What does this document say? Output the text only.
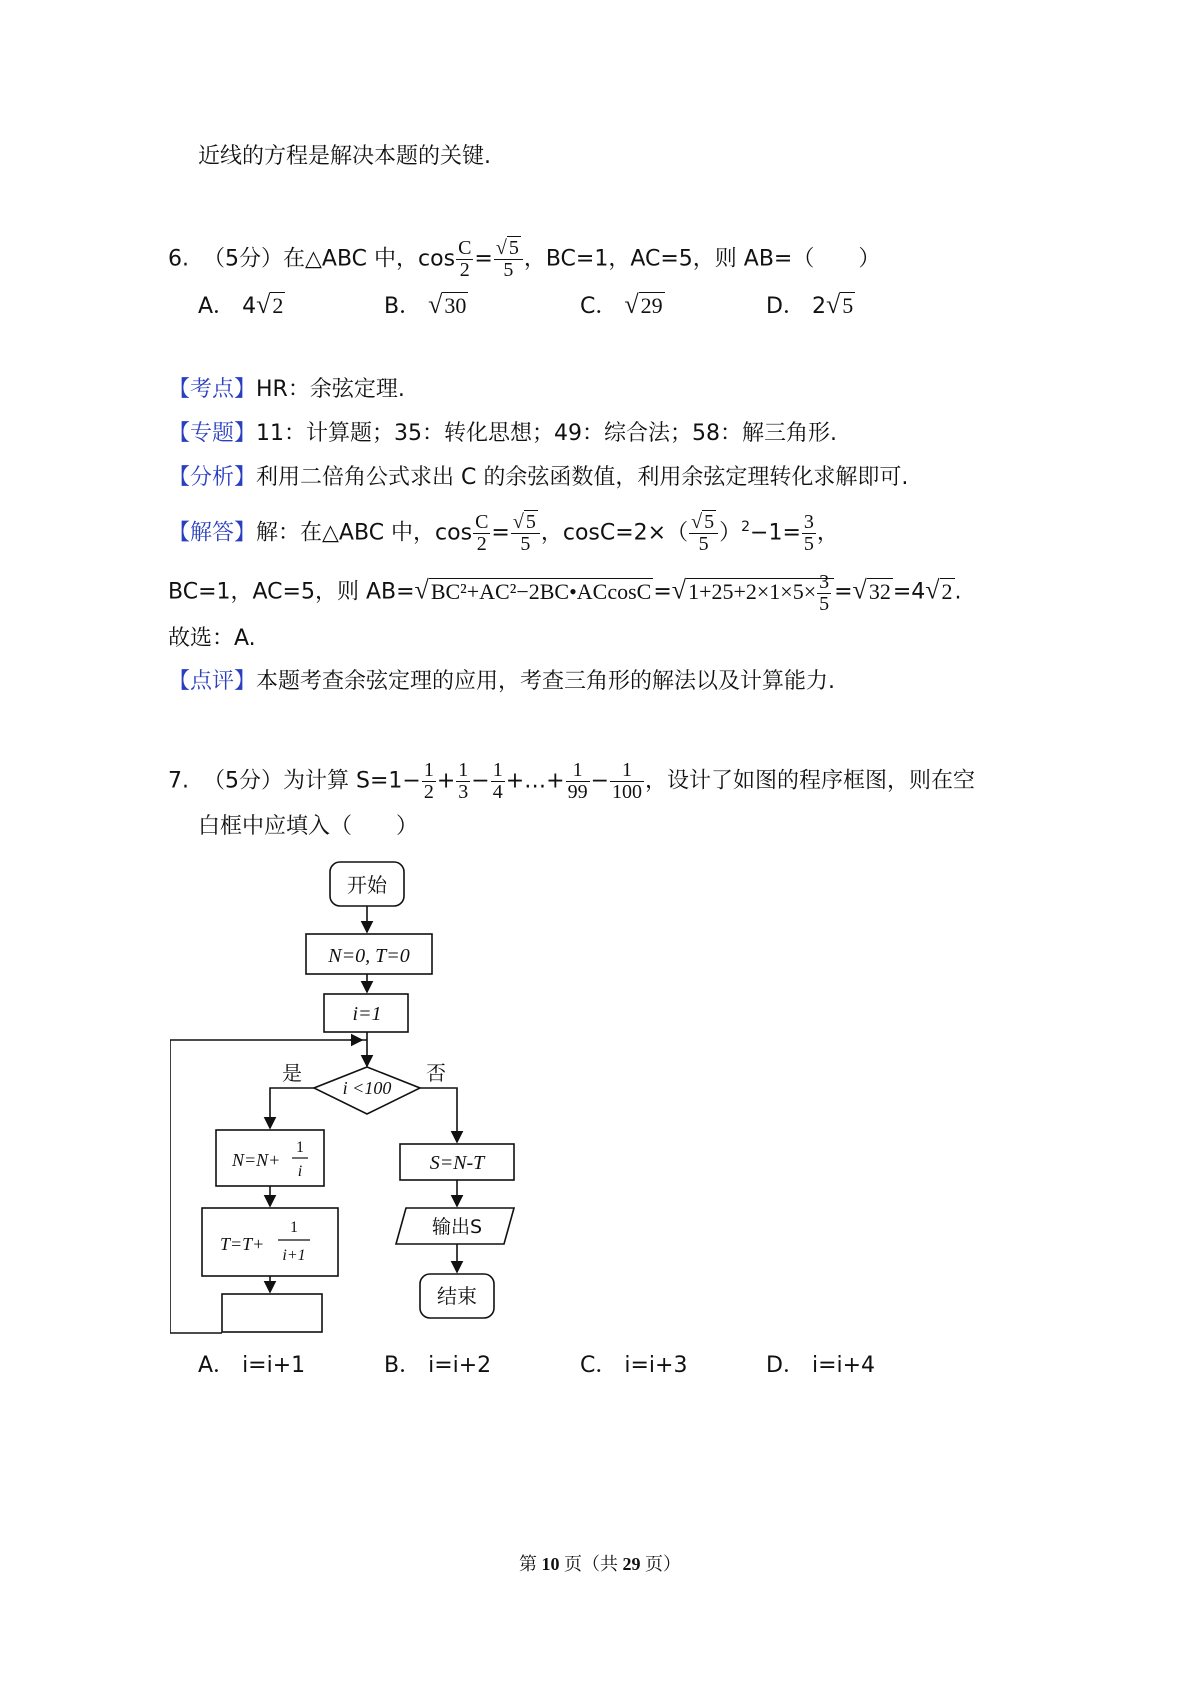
近线的方程是解决本题的关键.
6. （5分）在△ABC 中，$\cos \frac{C}{2} = \frac{√ 5}{5}$ ，BC=1，AC=5，则 AB=（　　）
A． 4√2	B． √30	C． √29	D． 2√5
【考点】HR：余弦定理.
【专题】11：计算题；35：转化思想；49：综合法；58：解三角形.
【分析】利用二倍角公式求出 C 的余弦函数值，利用余弦定理转化求解即可.
【解答】解：在△ABC 中，$\cos \frac{C}{2} = \frac{√ 5}{5}$ ，$\cos C=2\times( \frac{√ 5}{5} )^2-1= \frac{3}{5}$ ，
BC=1，AC=5，则 AB=√BC²+AC²−2BC•ACcosC=√1+25+2×1×5× $\frac{3}{5} =√32=4√2$.
故选：A.
【点评】本题考查余弦定理的应用，考查三角形的解法以及计算能力.
7. （5分）为计算 $S=1- \frac{1}{2} + \frac{1}{3} - \frac{1}{4}$ +…+ $\frac{1}{99} - \frac{1}{100}$ ，设计了如图的程序框图，则在空
白框中应填入（　　）
开始
N=0, T=0
i=1
i <100
是	否
N=N+
1
i
T=T+
1
i+1
S=N-T
输出S
结束
A． i=i+1	B． i=i+2	C． i=i+3	D． i=i+4
第 10 页（共 29 页）
